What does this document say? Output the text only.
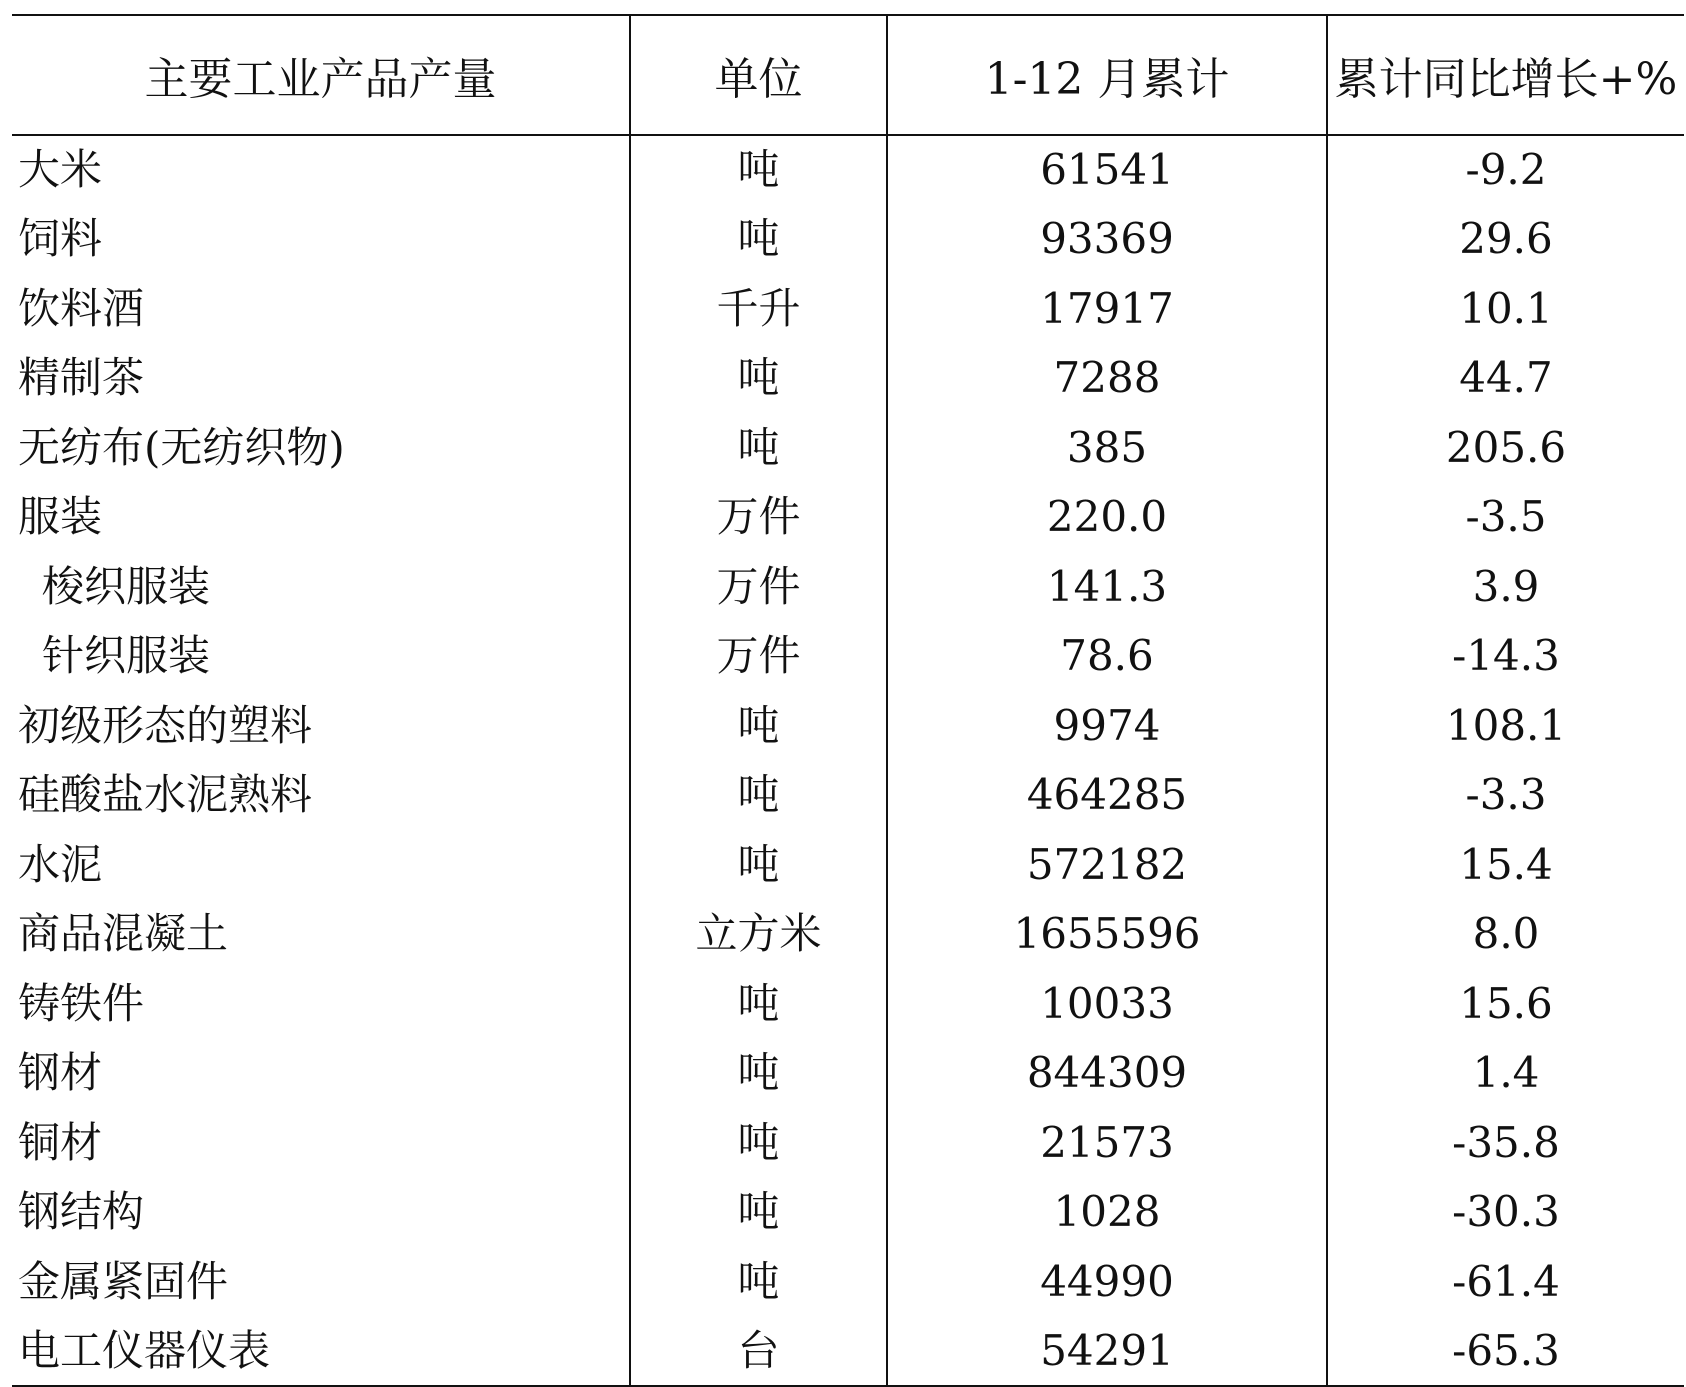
主要工业产品产量	单位	1-12 月累计	累计同比增长+%
大米	吨	61541	-9.2
饲料	吨	93369	29.6
饮料酒	千升	17917	10.1
精制茶	吨	7288	44.7
无纺布(无纺织物)	吨	385	205.6
服装	万件	220.0	-3.5
梭织服装	万件	141.3	3.9
针织服装	万件	78.6	-14.3
初级形态的塑料	吨	9974	108.1
硅酸盐水泥熟料	吨	464285	-3.3
水泥	吨	572182	15.4
商品混凝土	立方米	1655596	8.0
铸铁件	吨	10033	15.6
钢材	吨	844309	1.4
铜材	吨	21573	-35.8
钢结构	吨	1028	-30.3
金属紧固件	吨	44990	-61.4
电工仪器仪表	台	54291	-65.3
